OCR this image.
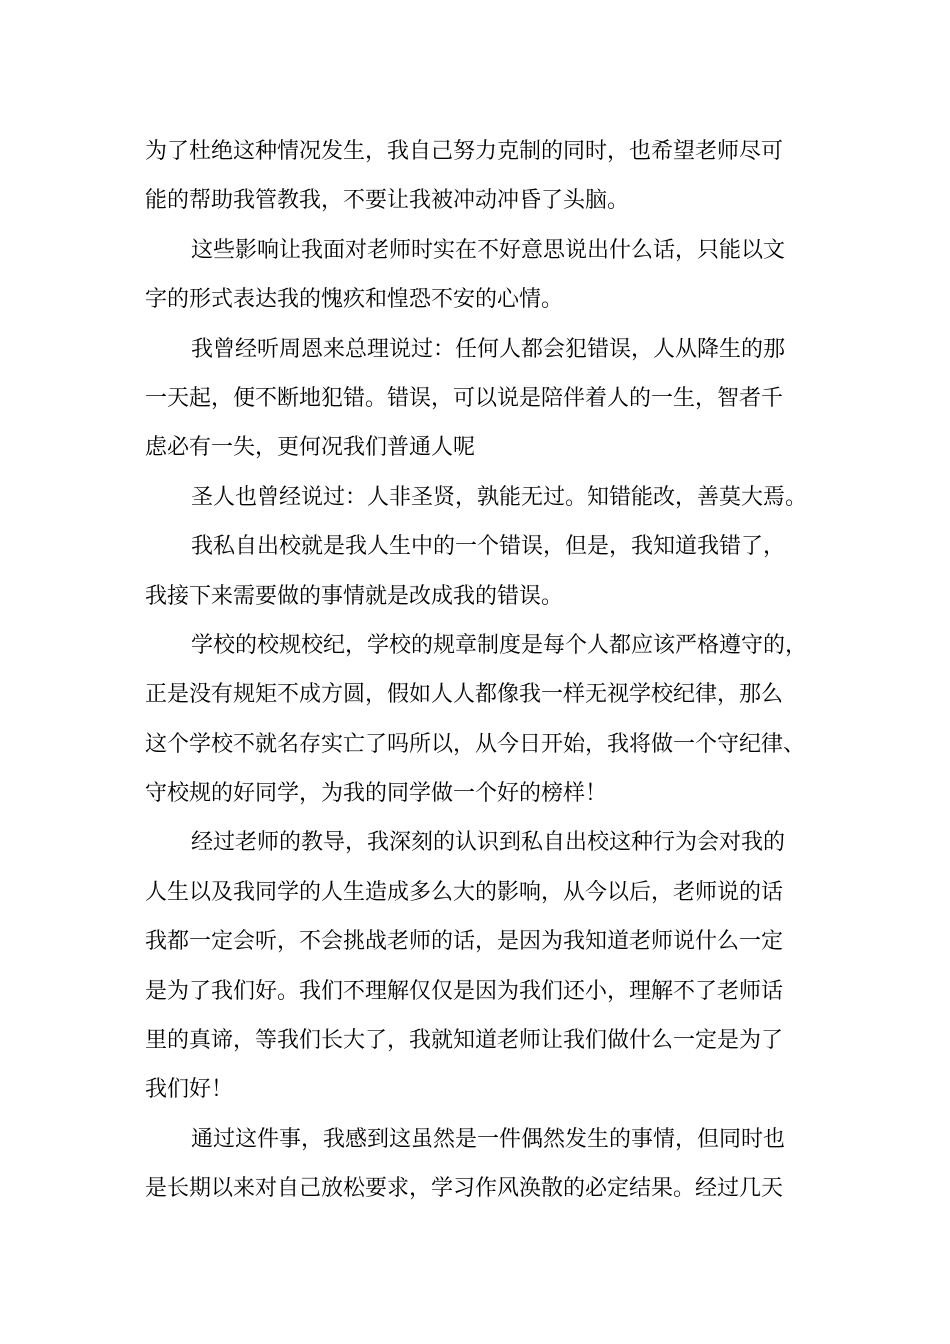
为了杜绝这种情况发生，我自己努力克制的同时，也希望老师尽可
能的帮助我管教我，不要让我被冲动冲昏了头脑。

这些影响让我面对老师时实在不好意思说出什么话，只能以文
字的形式表达我的愧疚和惶恐不安的心情。

我曾经听周恩来总理说过：任何人都会犯错误，人从降生的那
一天起，便不断地犯错。错误，可以说是陪伴着人的一生，智者千
虑必有一失，更何况我们普通人呢

圣人也曾经说过：人非圣贤，孰能无过。知错能改，善莫大焉。

我私自出校就是我人生中的一个错误，但是，我知道我错了，
我接下来需要做的事情就是改成我的错误。

学校的校规校纪，学校的规章制度是每个人都应该严格遵守的，
正是没有规矩不成方圆，假如人人都像我一样无视学校纪律，那么
这个学校不就名存实亡了吗所以，从今日开始，我将做一个守纪律、
守校规的好同学，为我的同学做一个好的榜样！

经过老师的教导，我深刻的认识到私自出校这种行为会对我的
人生以及我同学的人生造成多么大的影响，从今以后，老师说的话
我都一定会听，不会挑战老师的话，是因为我知道老师说什么一定
是为了我们好。我们不理解仅仅是因为我们还小，理解不了老师话
里的真谛，等我们长大了，我就知道老师让我们做什么一定是为了
我们好！

通过这件事，我感到这虽然是一件偶然发生的事情，但同时也
是长期以来对自己放松要求，学习作风涣散的必定结果。经过几天
